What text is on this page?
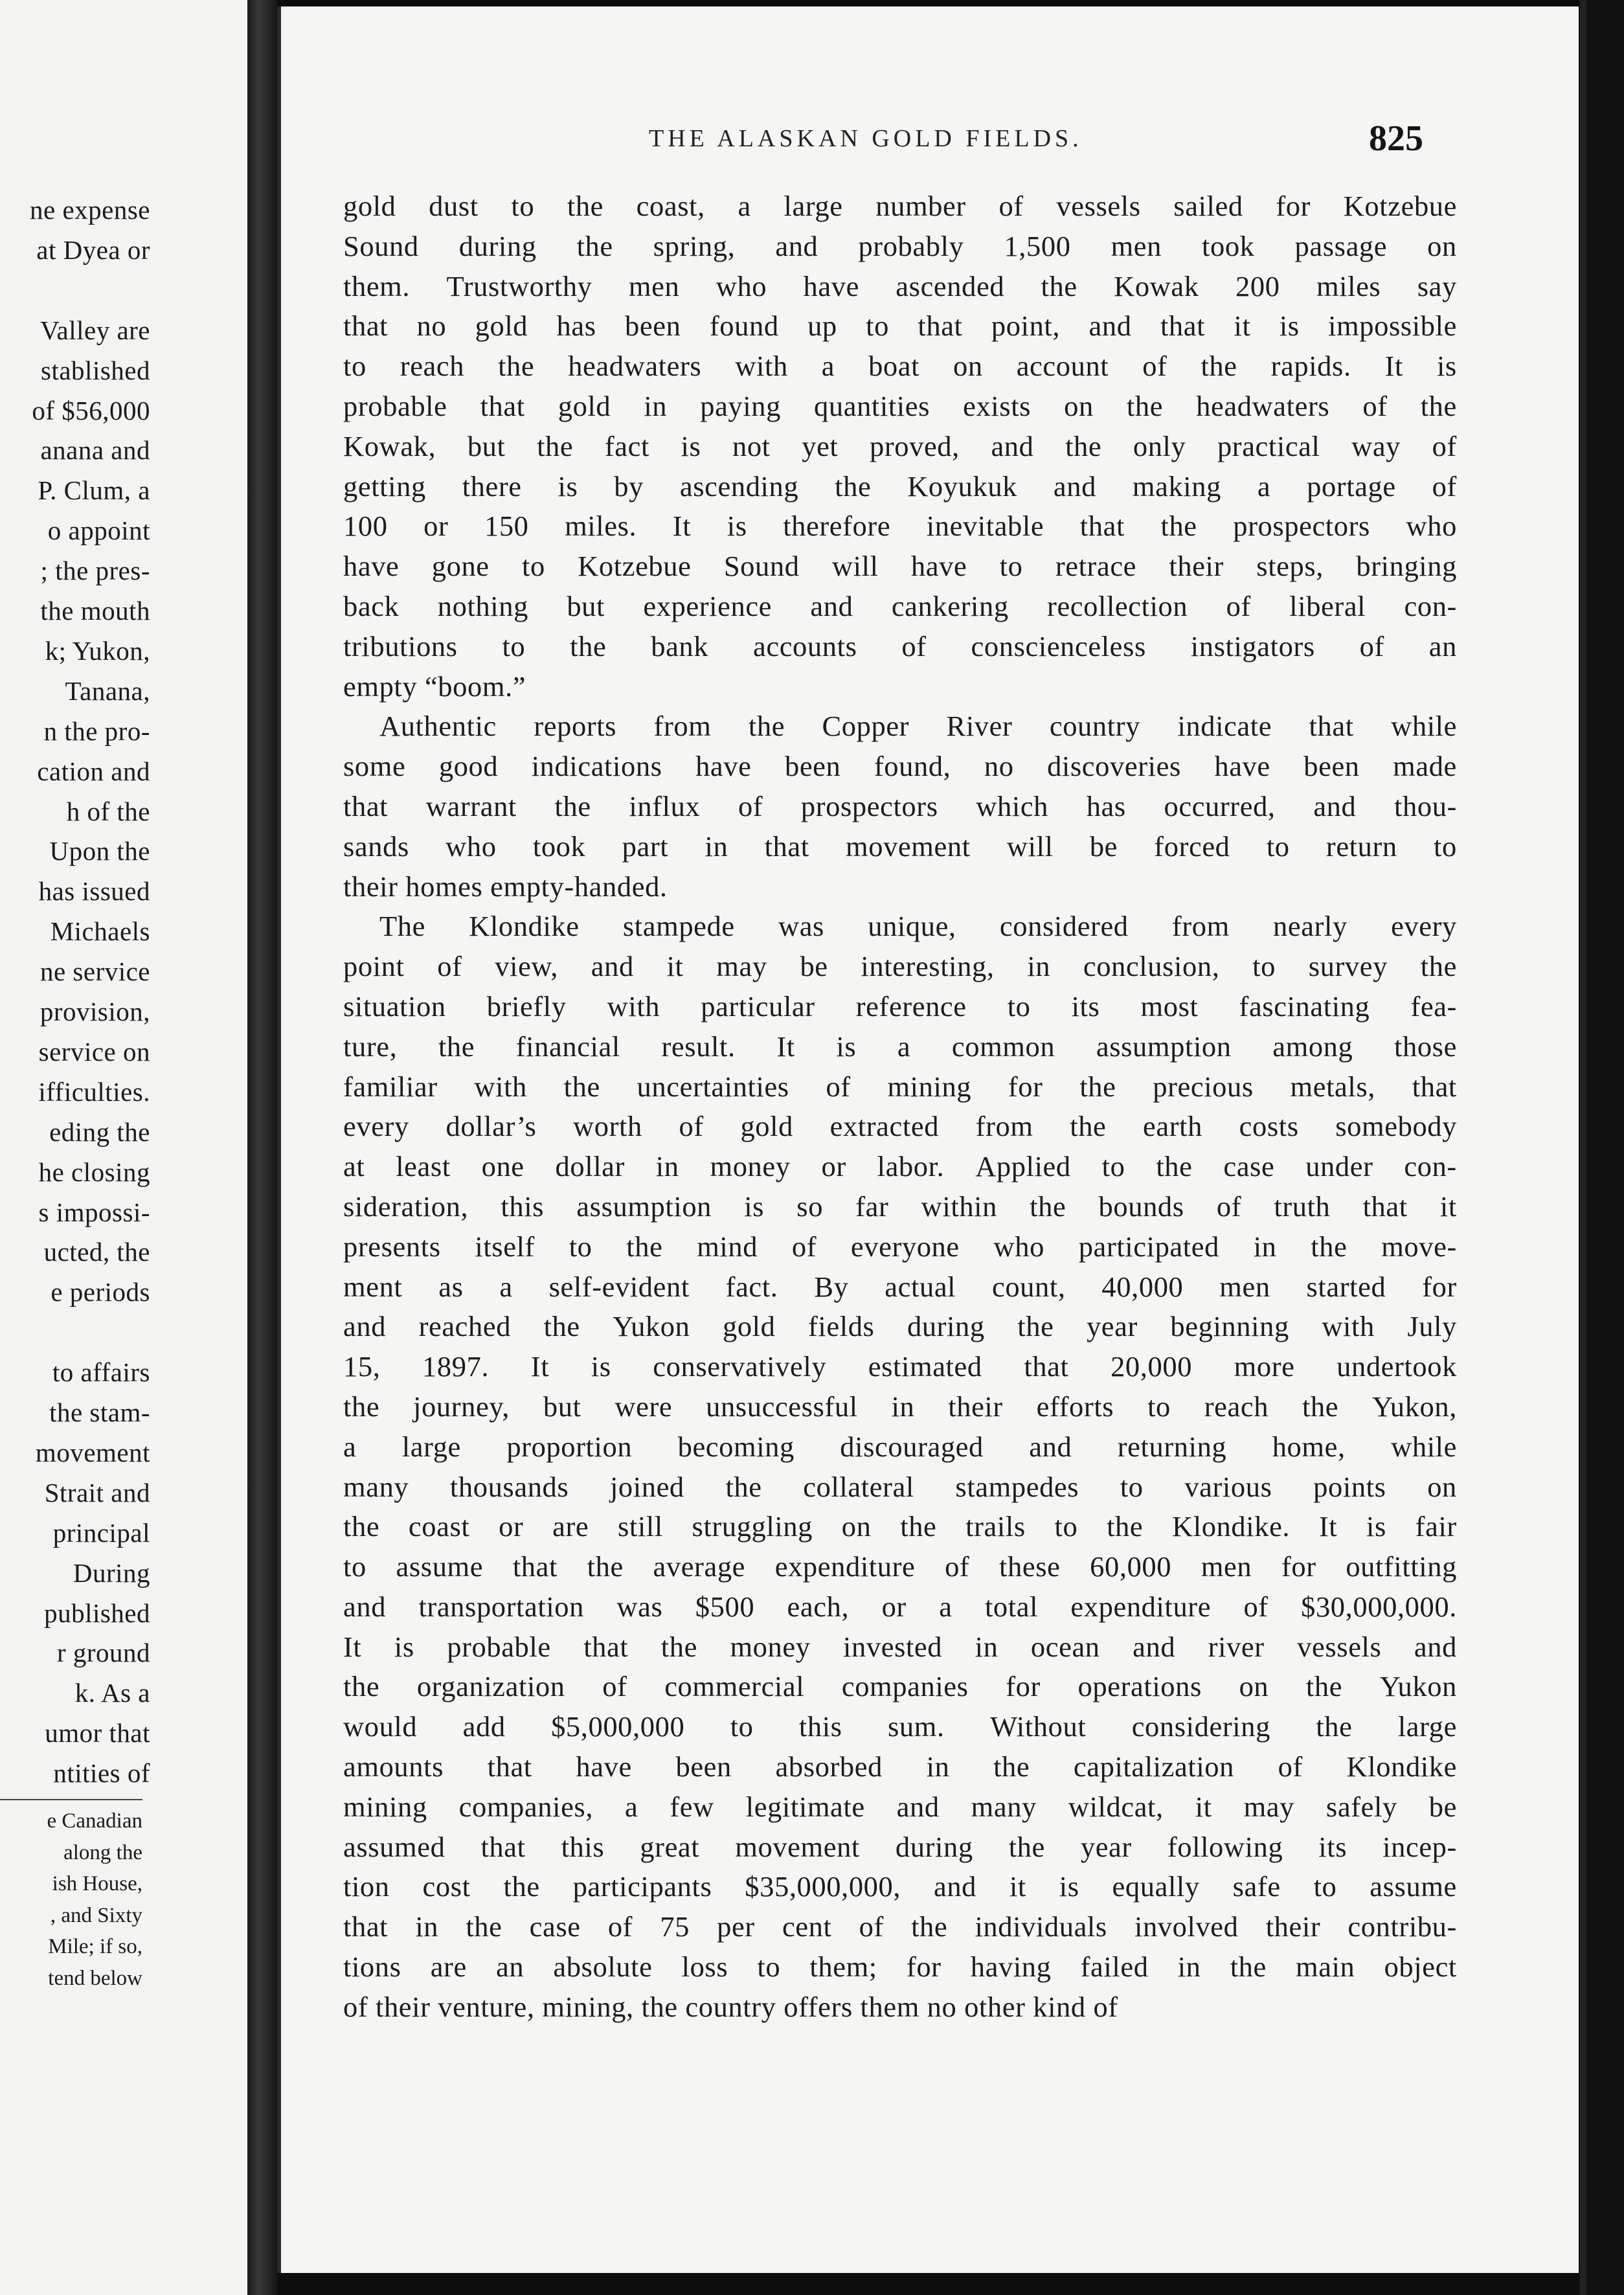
ne expense
at Dyea or
Valley are
stablished
of $56,000
anana and
P. Clum, a
o appoint
; the pres-
the mouth
k; Yukon,
Tanana,
n the pro-
cation and
h of the
Upon the
has issued
Michaels
ne service
provision,
service on
ifficulties.
eding the
he closing
s impossi-
ucted, the
e periods
to affairs
the stam-
movement
Strait and
principal
During
published
r ground
k. As a
umor that
ntities of
e Canadian
along the
ish House,
, and Sixty
Mile; if so,
tend below
THE ALASKAN GOLD FIELDS.	825
gold dust to the coast, a large number of vessels sailed for Kotzebue
Sound during the spring, and probably 1,500 men took passage on
them. Trustworthy men who have ascended the Kowak 200 miles say
that no gold has been found up to that point, and that it is impossible
to reach the headwaters with a boat on account of the rapids. It is
probable that gold in paying quantities exists on the headwaters of the
Kowak, but the fact is not yet proved, and the only practical way of
getting there is by ascending the Koyukuk and making a portage of
100 or 150 miles. It is therefore inevitable that the prospectors who
have gone to Kotzebue Sound will have to retrace their steps, bringing
back nothing but experience and cankering recollection of liberal con-
tributions to the bank accounts of conscienceless instigators of an
empty “boom.”
Authentic reports from the Copper River country indicate that while
some good indications have been found, no discoveries have been made
that warrant the influx of prospectors which has occurred, and thou-
sands who took part in that movement will be forced to return to
their homes empty-handed.
The Klondike stampede was unique, considered from nearly every
point of view, and it may be interesting, in conclusion, to survey the
situation briefly with particular reference to its most fascinating fea-
ture, the financial result. It is a common assumption among those
familiar with the uncertainties of mining for the precious metals, that
every dollar’s worth of gold extracted from the earth costs somebody
at least one dollar in money or labor. Applied to the case under con-
sideration, this assumption is so far within the bounds of truth that it
presents itself to the mind of everyone who participated in the move-
ment as a self-evident fact. By actual count, 40,000 men started for
and reached the Yukon gold fields during the year beginning with July
15, 1897. It is conservatively estimated that 20,000 more undertook
the journey, but were unsuccessful in their efforts to reach the Yukon,
a large proportion becoming discouraged and returning home, while
many thousands joined the collateral stampedes to various points on
the coast or are still struggling on the trails to the Klondike. It is fair
to assume that the average expenditure of these 60,000 men for outfitting
and transportation was $500 each, or a total expenditure of $30,000,000.
It is probable that the money invested in ocean and river vessels and
the organization of commercial companies for operations on the Yukon
would add $5,000,000 to this sum. Without considering the large
amounts that have been absorbed in the capitalization of Klondike
mining companies, a few legitimate and many wildcat, it may safely be
assumed that this great movement during the year following its incep-
tion cost the participants $35,000,000, and it is equally safe to assume
that in the case of 75 per cent of the individuals involved their contribu-
tions are an absolute loss to them; for having failed in the main object
of their venture, mining, the country offers them no other kind of
